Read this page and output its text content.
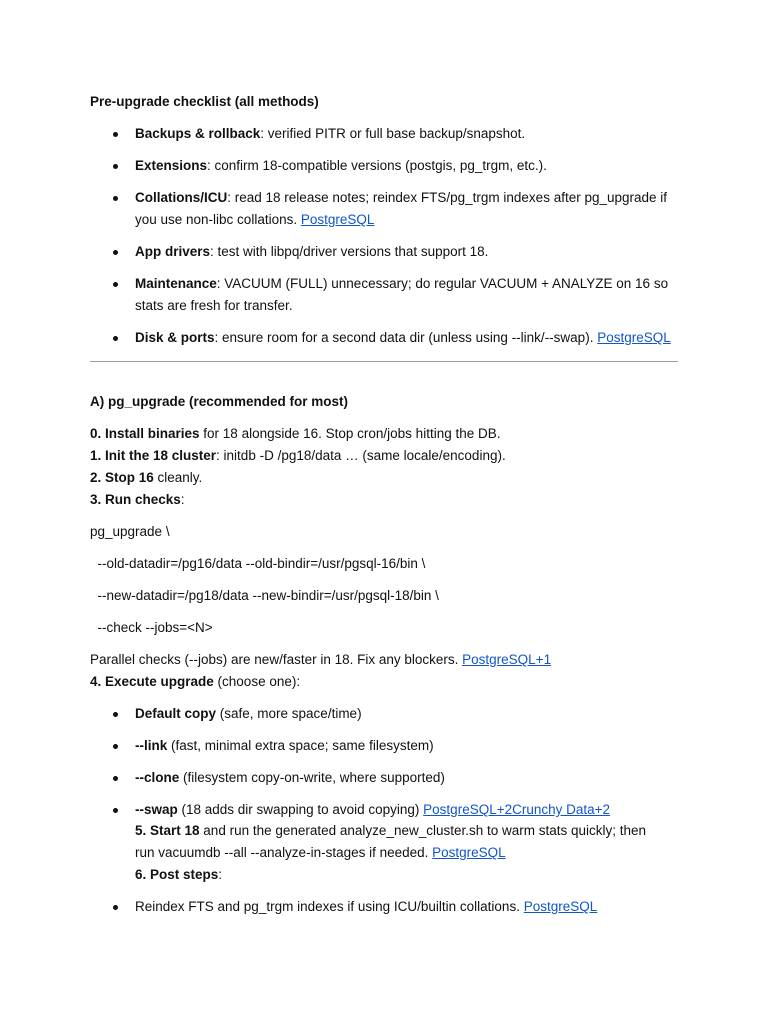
Pre-upgrade checklist (all methods)
Backups & rollback: verified PITR or full base backup/snapshot.
Extensions: confirm 18-compatible versions (postgis, pg_trgm, etc.).
Collations/ICU: read 18 release notes; reindex FTS/pg_trgm indexes after pg_upgrade if
you use non-libc collations. PostgreSQL
App drivers: test with libpq/driver versions that support 18.
Maintenance: VACUUM (FULL) unnecessary; do regular VACUUM + ANALYZE on 16 so
stats are fresh for transfer.
Disk & ports: ensure room for a second data dir (unless using --link/--swap). PostgreSQL
A) pg_upgrade (recommended for most)
0. Install binaries for 18 alongside 16. Stop cron/jobs hitting the DB.
1. Init the 18 cluster: initdb -D /pg18/data … (same locale/encoding).
2. Stop 16 cleanly.
3. Run checks:
pg_upgrade \
--old-datadir=/pg16/data --old-bindir=/usr/pgsql-16/bin \
--new-datadir=/pg18/data --new-bindir=/usr/pgsql-18/bin \
--check --jobs=<N>
Parallel checks (--jobs) are new/faster in 18. Fix any blockers. PostgreSQL+1
4. Execute upgrade (choose one):
Default copy (safe, more space/time)
--link (fast, minimal extra space; same filesystem)
--clone (filesystem copy-on-write, where supported)
--swap (18 adds dir swapping to avoid copying) PostgreSQL+2Crunchy Data+2
5. Start 18 and run the generated analyze_new_cluster.sh to warm stats quickly; then
run vacuumdb --all --analyze-in-stages if needed. PostgreSQL
6. Post steps:
Reindex FTS and pg_trgm indexes if using ICU/builtin collations. PostgreSQL
